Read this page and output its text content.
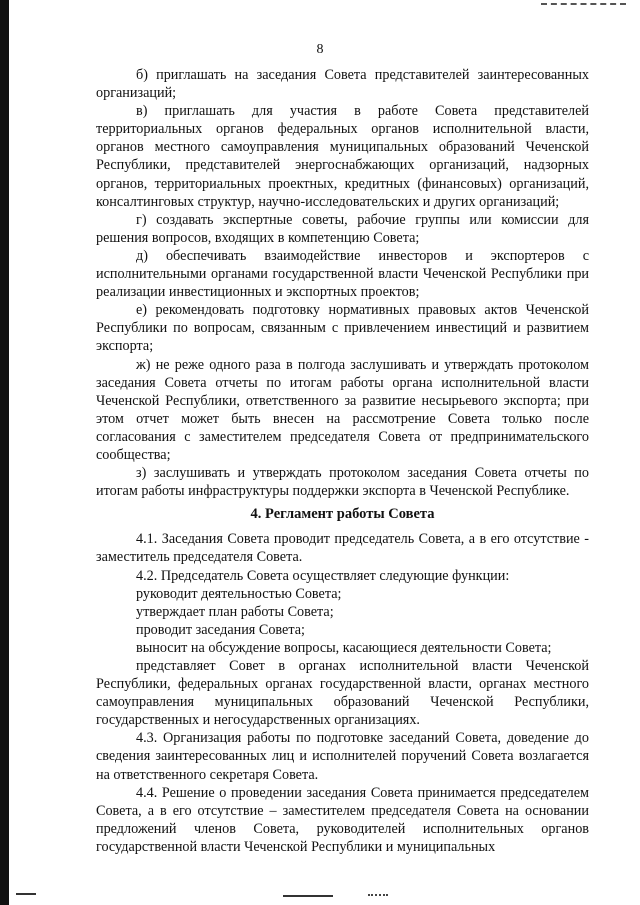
8

б) приглашать на заседания Совета представителей заинтересованных организаций;

в) приглашать для участия в работе Совета представителей территориальных органов федеральных органов исполнительной власти, органов местного самоуправления муниципальных образований Чеченской Республики, представителей энергоснабжающих организаций, надзорных органов, территориальных проектных, кредитных (финансовых) организаций, консалтинговых структур, научно-исследовательских и других организаций;

г) создавать экспертные советы, рабочие группы или комиссии для решения вопросов, входящих в компетенцию Совета;

д) обеспечивать взаимодействие инвесторов и экспортеров с исполнительными органами государственной власти Чеченской Республики при реализации инвестиционных и экспортных проектов;

е) рекомендовать подготовку нормативных правовых актов Чеченской Республики по вопросам, связанным с привлечением инвестиций и развитием экспорта;

ж) не реже одного раза в полгода заслушивать и утверждать протоколом заседания Совета отчеты по итогам работы органа исполнительной власти Чеченской Республики, ответственного за развитие несырьевого экспорта; при этом отчет может быть внесен на рассмотрение Совета только после согласования с заместителем председателя Совета от предпринимательского сообщества;

з) заслушивать и утверждать протоколом заседания Совета отчеты по итогам работы инфраструктуры поддержки экспорта в Чеченской Республике.

4. Регламент работы Совета

4.1. Заседания Совета проводит председатель Совета, а в его отсутствие - заместитель председателя Совета.

4.2. Председатель Совета осуществляет следующие функции:

руководит деятельностью Совета;

утверждает план работы Совета;

проводит заседания Совета;

выносит на обсуждение вопросы, касающиеся деятельности Совета;

представляет Совет в органах исполнительной власти Чеченской Республики, федеральных органах государственной власти, органах местного самоуправления муниципальных образований Чеченской Республики, государственных и негосударственных организациях.

4.3. Организация работы по подготовке заседаний Совета, доведение до сведения заинтересованных лиц и исполнителей поручений Совета возлагается на ответственного секретаря Совета.

4.4. Решение о проведении заседания Совета принимается председателем Совета, а в его отсутствие – заместителем председателя Совета на основании предложений членов Совета, руководителей исполнительных органов государственной власти Чеченской Республики и муниципальных
